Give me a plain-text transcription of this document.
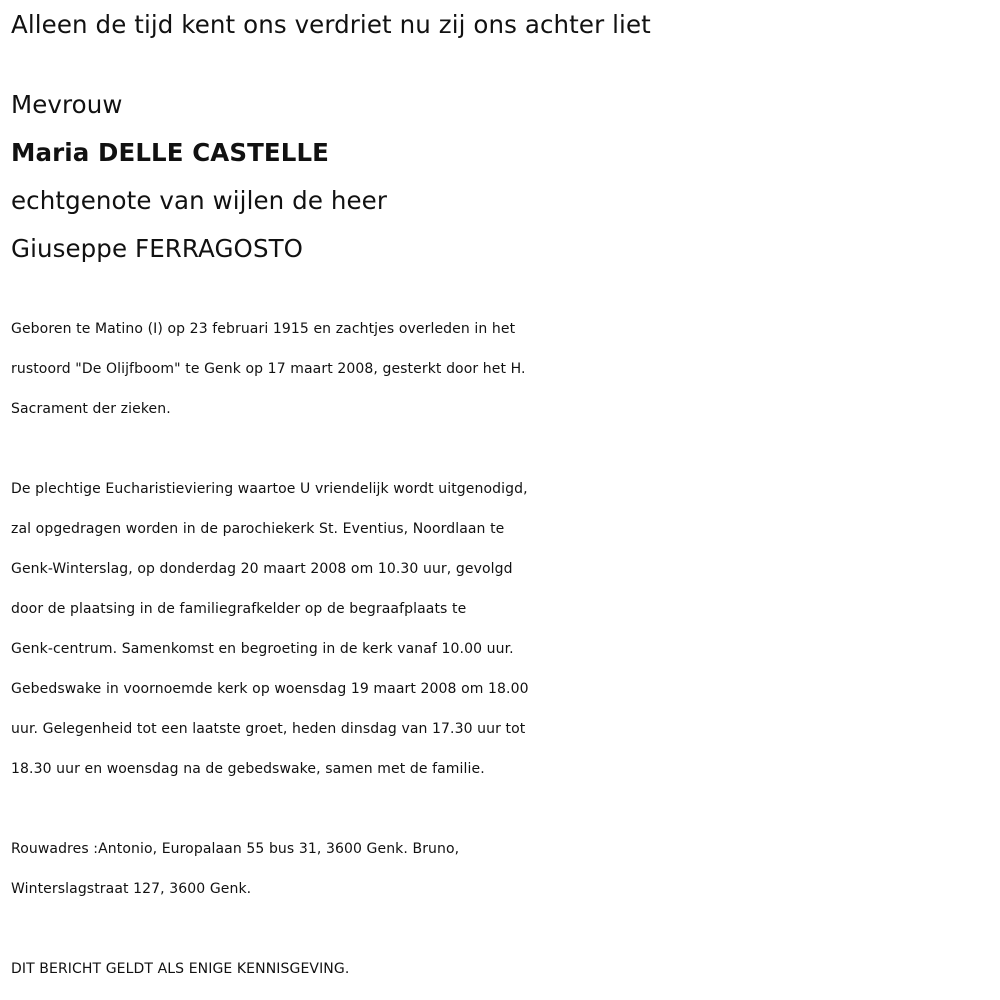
Alleen de tijd kent ons verdriet nu zij ons achter liet
Mevrouw
Maria DELLE CASTELLE
echtgenote van wijlen de heer
Giuseppe FERRAGOSTO
Geboren te Matino (I) op 23 februari 1915 en zachtjes overleden in het
rustoord "De Olijfboom" te Genk op 17 maart 2008, gesterkt door het H.
Sacrament der zieken.
De plechtige Eucharistieviering waartoe U vriendelijk wordt uitgenodigd,
zal opgedragen worden in de parochiekerk St. Eventius, Noordlaan te
Genk-Winterslag, op donderdag 20 maart 2008 om 10.30 uur, gevolgd
door de plaatsing in de familiegrafkelder op de begraafplaats te
Genk-centrum. Samenkomst en begroeting in de kerk vanaf 10.00 uur.
Gebedswake in voornoemde kerk op woensdag 19 maart 2008 om 18.00
uur. Gelegenheid tot een laatste groet, heden dinsdag van 17.30 uur tot
18.30 uur en woensdag na de gebedswake, samen met de familie.
Rouwadres :Antonio, Europalaan 55 bus 31, 3600 Genk. Bruno,
Winterslagstraat 127, 3600 Genk.
DIT BERICHT GELDT ALS ENIGE KENNISGEVING.
